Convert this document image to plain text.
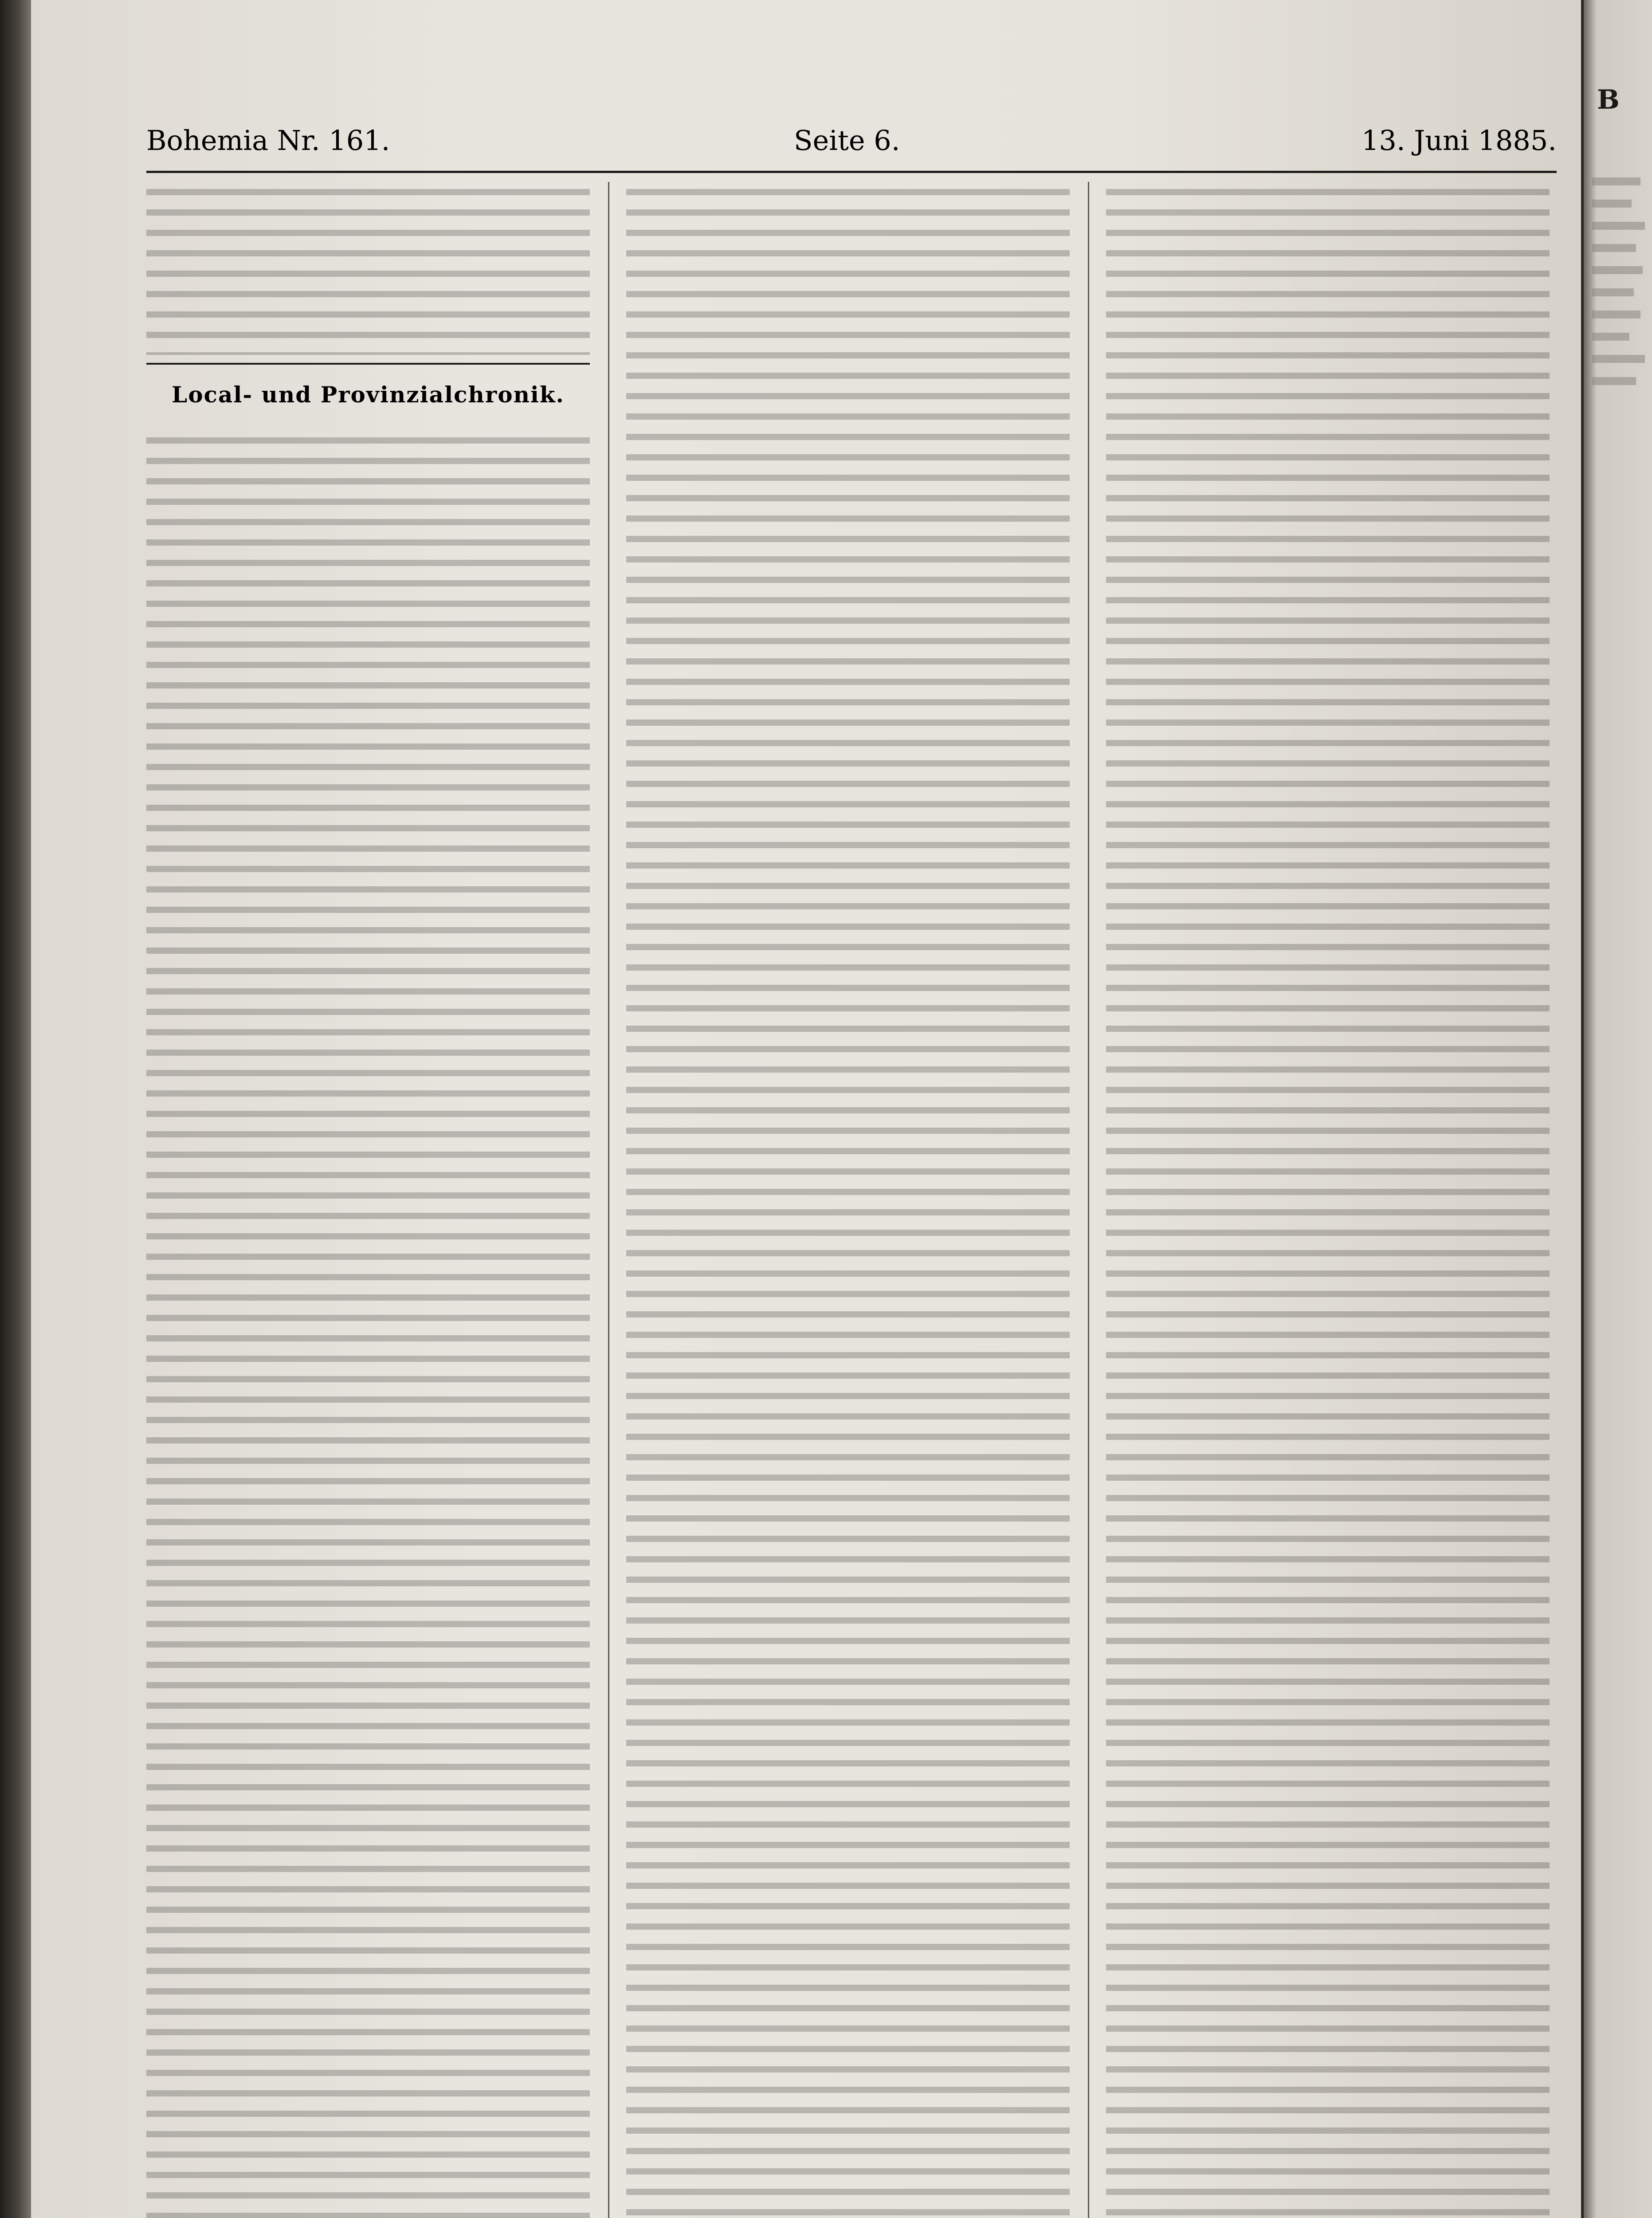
Bohemia Nr. 161.	Seite 6.	13. Juni 1885.
Local- und Provinzialchronik.
B
